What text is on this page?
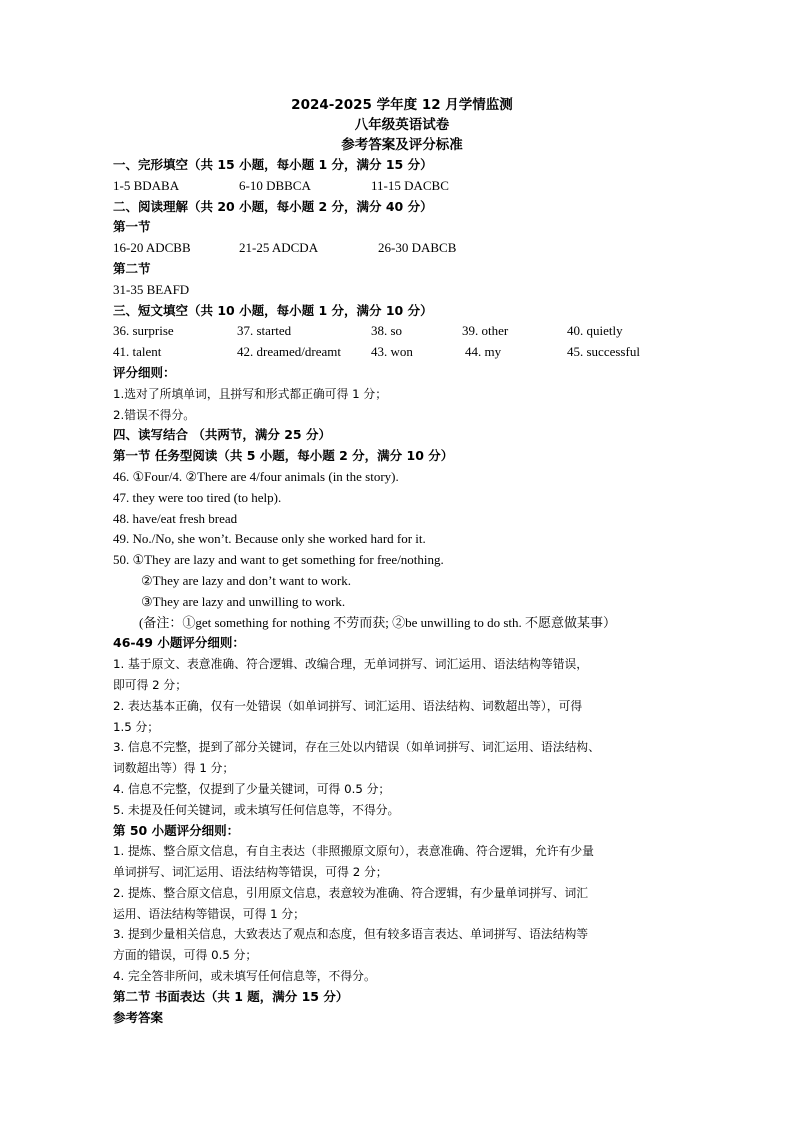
2024-2025 学年度 12 月学情监测
八年级英语试卷
参考答案及评分标准
一、完形填空（共 15 小题，每小题 1 分，满分 15 分）
1-5 BDABA	6-10 DBBCA	11-15 DACBC
二、阅读理解（共 20 小题，每小题 2 分，满分 40 分）
第一节
16-20 ADCBB	21-25 ADCDA	26-30 DABCB
第二节
31-35 BEAFD
三、短文填空（共 10 小题，每小题 1 分，满分 10 分）
36. surprise	37. started	38. so	39. other	40. quietly
41. talent	42. dreamed/dreamt 43. won	44. my	45. successful
评分细则：
1.选对了所填单词，且拼写和形式都正确可得 1 分；
2.错误不得分。
四、读写结合 （共两节，满分 25 分）
第一节 任务型阅读（共 5 小题，每小题 2 分，满分 10 分）
46. ①Four/4. ②There are 4/four animals (in the story).
47. they were too tired (to help).
48. have/eat fresh bread
49. No./No, she won’t. Because only she worked hard for it.
50. ①They are lazy and want to get something for free/nothing.
②They are lazy and don’t want to work.
③They are lazy and unwilling to work.
(备注：①get something for nothing 不劳而获; ②be unwilling to do sth. 不愿意做某事）
46-49 小题评分细则：
1. 基于原文、表意准确、符合逻辑、改编合理，无单词拼写、词汇运用、语法结构等错误，
即可得 2 分；
2. 表达基本正确，仅有一处错误（如单词拼写、词汇运用、语法结构、词数超出等），可得
1.5 分；
3. 信息不完整，提到了部分关键词，存在三处以内错误（如单词拼写、词汇运用、语法结构、
词数超出等）得 1 分；
4. 信息不完整，仅提到了少量关键词，可得 0.5 分；
5. 未提及任何关键词，或未填写任何信息等，不得分。
第 50 小题评分细则：
1. 提炼、整合原文信息，有自主表达（非照搬原文原句），表意准确、符合逻辑，允许有少量
单词拼写、词汇运用、语法结构等错误，可得 2 分；
2. 提炼、整合原文信息，引用原文信息，表意较为准确、符合逻辑，有少量单词拼写、词汇
运用、语法结构等错误，可得 1 分；
3. 提到少量相关信息，大致表达了观点和态度，但有较多语言表达、单词拼写、语法结构等
方面的错误，可得 0.5 分；
4. 完全答非所问，或未填写任何信息等，不得分。
第二节 书面表达（共 1 题，满分 15 分）
参考答案
